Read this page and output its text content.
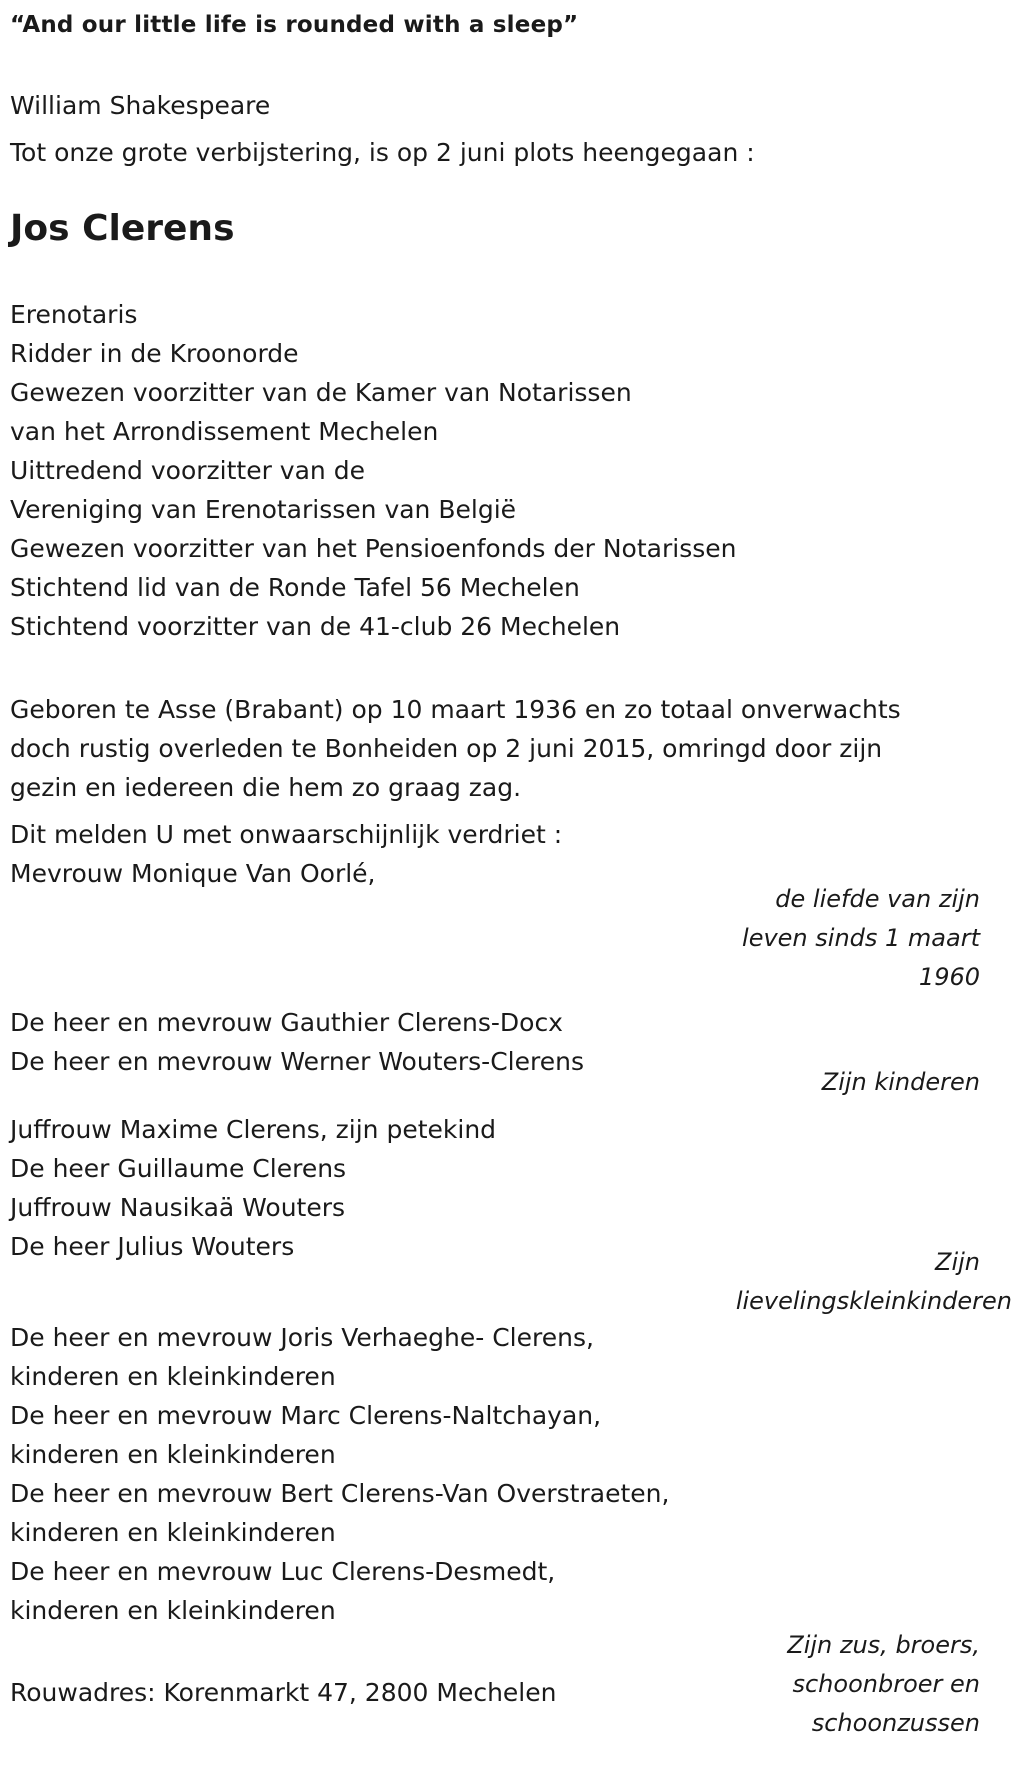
“And our little life is rounded with a sleep”
William Shakespeare
Tot onze grote verbijstering, is op 2 juni plots heengegaan :
Jos Clerens
Erenotaris
Ridder in de Kroonorde
Gewezen voorzitter van de Kamer van Notarissen
van het Arrondissement Mechelen
Uittredend voorzitter van de
Vereniging van Erenotarissen van België
Gewezen voorzitter van het Pensioenfonds der Notarissen
Stichtend lid van de Ronde Tafel 56 Mechelen
Stichtend voorzitter van de 41-club 26 Mechelen
Geboren te Asse (Brabant) op 10 maart 1936 en zo totaal onverwachts
doch rustig overleden te Bonheiden op 2 juni 2015, omringd door zijn
gezin en iedereen die hem zo graag zag.
Dit melden U met onwaarschijnlijk verdriet :
Mevrouw Monique Van Oorlé,
de liefde van zijn
leven sinds 1 maart
1960
De heer en mevrouw Gauthier Clerens-Docx
De heer en mevrouw Werner Wouters-Clerens
Zijn kinderen
Juffrouw Maxime Clerens, zijn petekind
De heer Guillaume Clerens
Juffrouw Nausikaä Wouters
De heer Julius Wouters
Zijn
lievelingskleinkinderen
De heer en mevrouw Joris Verhaeghe- Clerens,
kinderen en kleinkinderen
De heer en mevrouw Marc Clerens-Naltchayan,
kinderen en kleinkinderen
De heer en mevrouw Bert Clerens-Van Overstraeten,
kinderen en kleinkinderen
De heer en mevrouw Luc Clerens-Desmedt,
kinderen en kleinkinderen
Zijn zus, broers,
schoonbroer en
schoonzussen
Rouwadres: Korenmarkt 47, 2800 Mechelen
